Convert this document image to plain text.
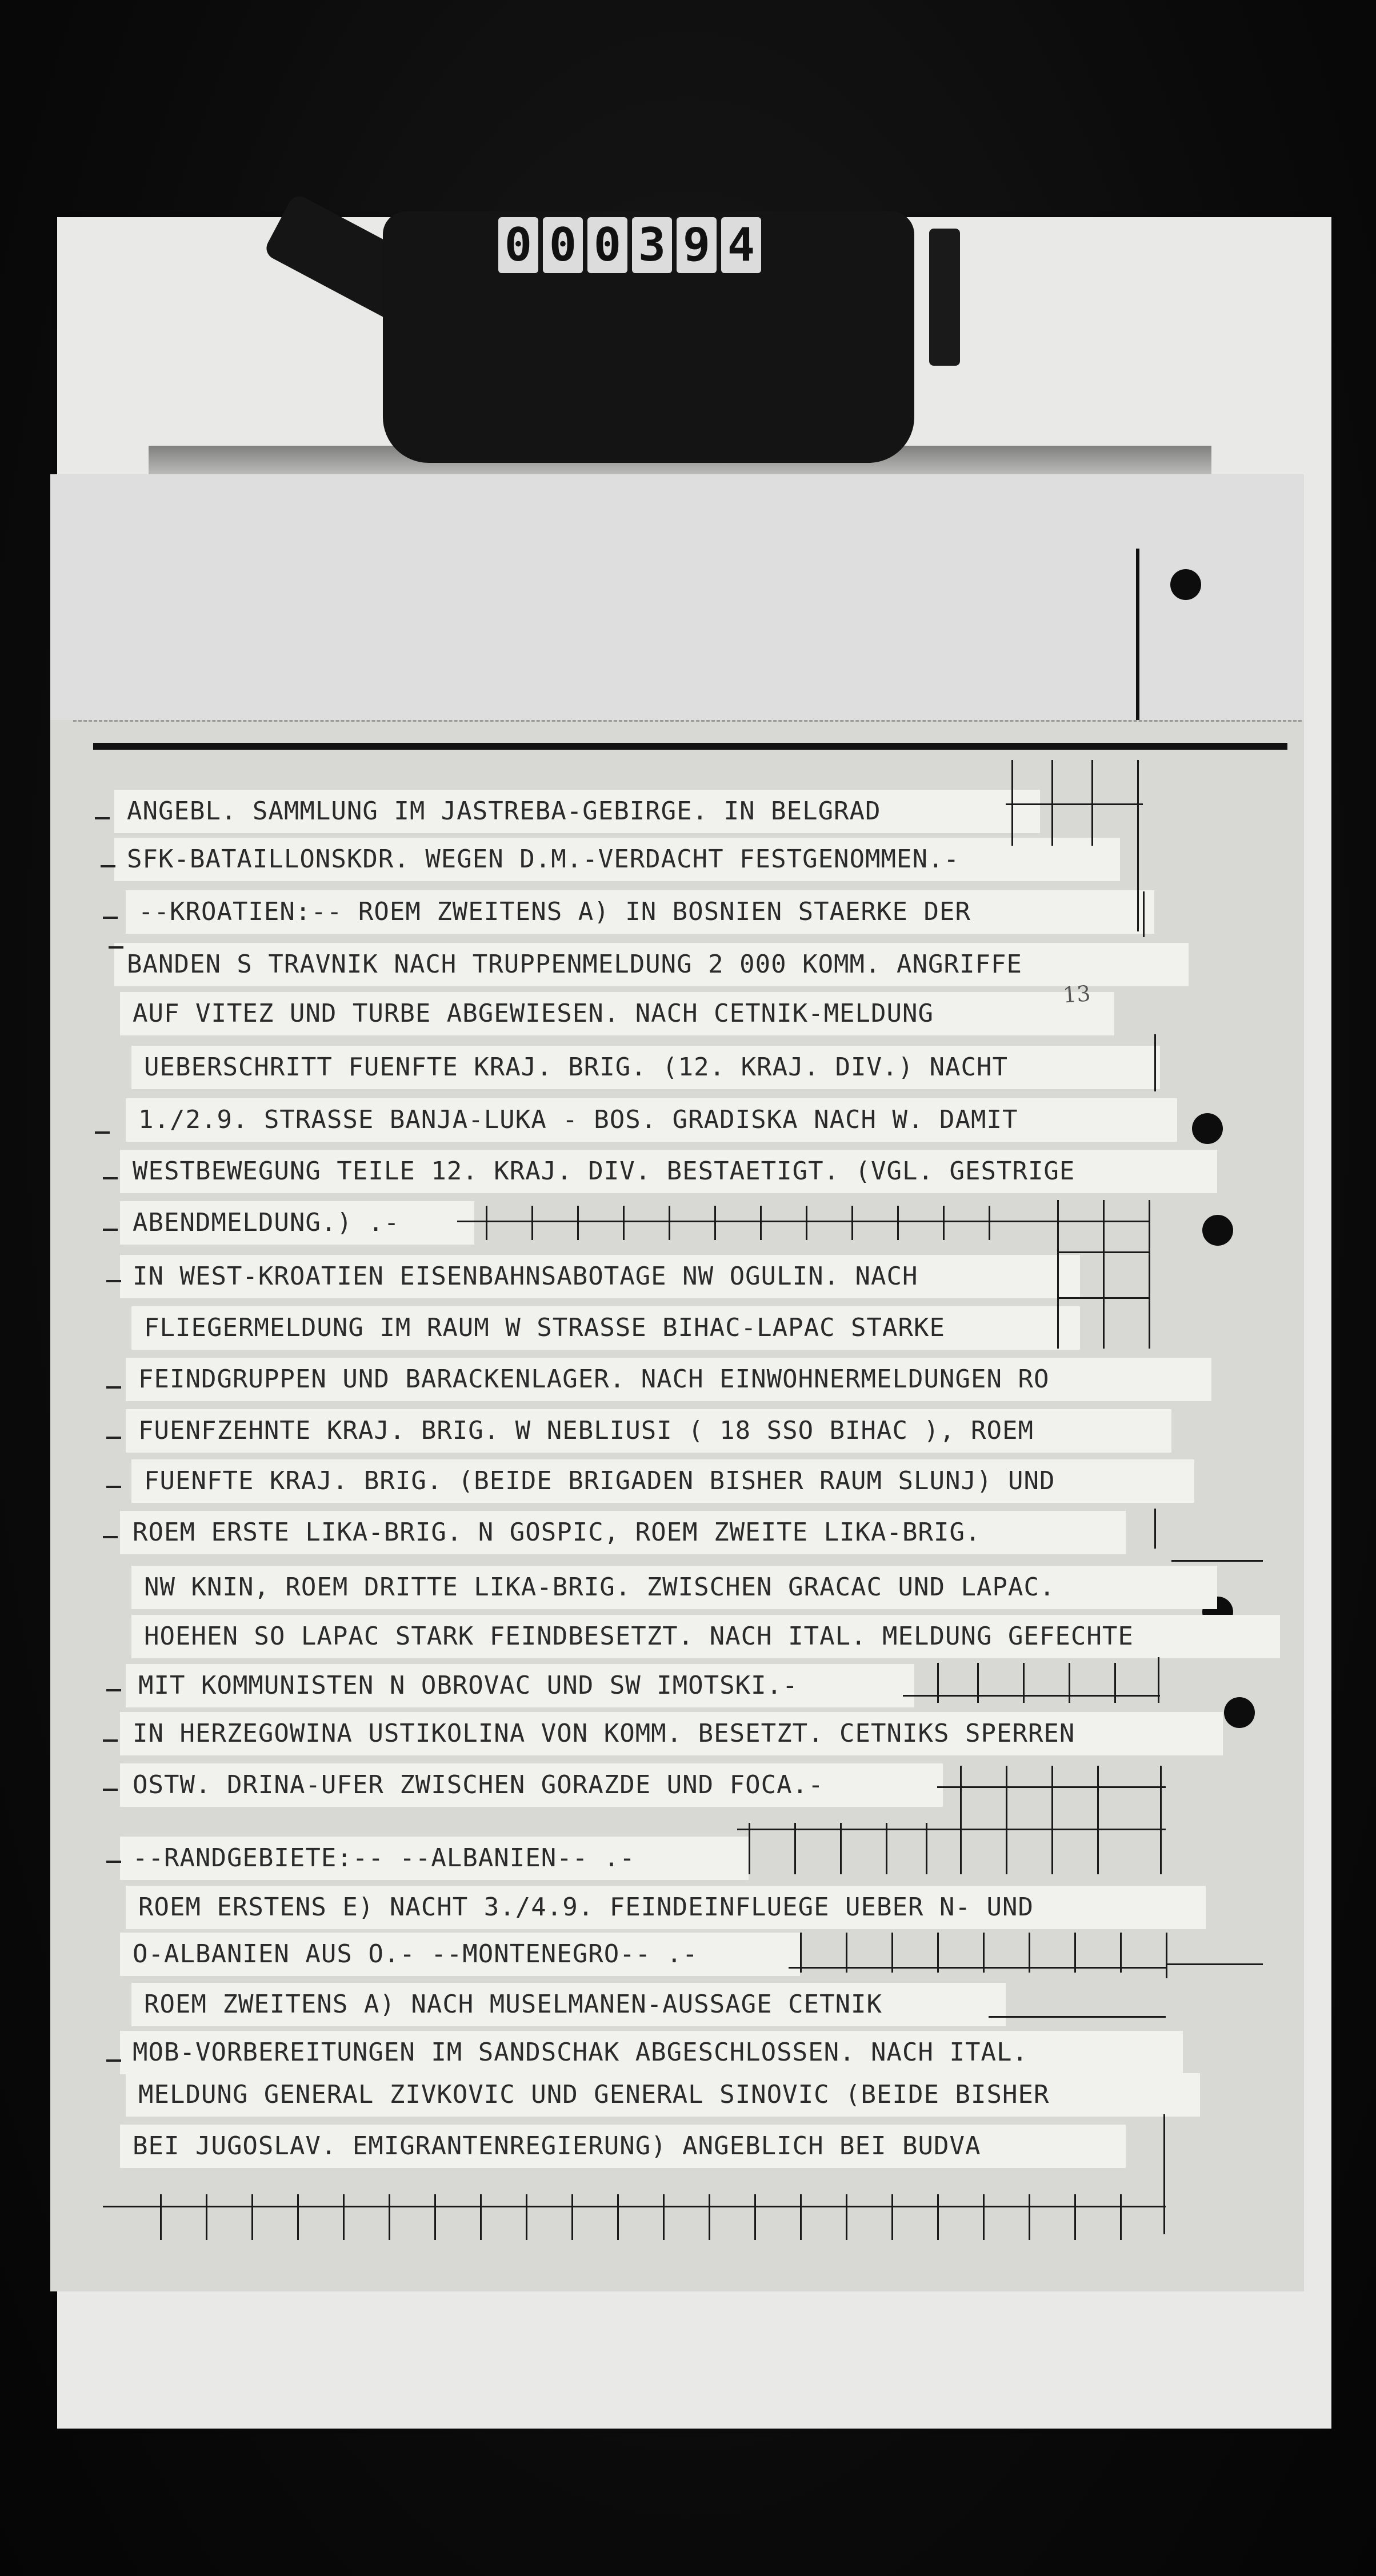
0 0 0 3 9 4
ANGEBL. SAMMLUNG IM JASTREBA-GEBIRGE. IN BELGRAD
SFK-BATAILLONSKDR. WEGEN D.M.-VERDACHT FESTGENOMMEN.-
--KROATIEN:-- ROEM ZWEITENS A) IN BOSNIEN STAERKE DER
BANDEN S TRAVNIK NACH TRUPPENMELDUNG 2 000 KOMM. ANGRIFFE
AUF VITEZ UND TURBE ABGEWIESEN. NACH CETNIK-MELDUNG
UEBERSCHRITT FUENFTE KRAJ. BRIG. (12. KRAJ. DIV.) NACHT
1./2.9. STRASSE BANJA-LUKA - BOS. GRADISKA NACH W. DAMIT
WESTBEWEGUNG TEILE 12. KRAJ. DIV. BESTAETIGT. (VGL. GESTRIGE
ABENDMELDUNG.) .-
IN WEST-KROATIEN EISENBAHNSABOTAGE NW OGULIN. NACH
FLIEGERMELDUNG IM RAUM W STRASSE BIHAC-LAPAC STARKE
FEINDGRUPPEN UND BARACKENLAGER. NACH EINWOHNERMELDUNGEN RO
FUENFZEHNTE KRAJ. BRIG. W NEBLIUSI ( 18 SSO BIHAC ), ROEM
FUENFTE KRAJ. BRIG. (BEIDE BRIGADEN BISHER RAUM SLUNJ) UND
ROEM ERSTE LIKA-BRIG. N GOSPIC, ROEM ZWEITE LIKA-BRIG.
NW KNIN, ROEM DRITTE LIKA-BRIG. ZWISCHEN GRACAC UND LAPAC.
HOEHEN SO LAPAC STARK FEINDBESETZT. NACH ITAL. MELDUNG GEFECHTE
MIT KOMMUNISTEN N OBROVAC UND SW IMOTSKI.-
IN HERZEGOWINA USTIKOLINA VON KOMM. BESETZT. CETNIKS SPERREN
OSTW. DRINA-UFER ZWISCHEN GORAZDE UND FOCA.-
--RANDGEBIETE:-- --ALBANIEN-- .-
ROEM ERSTENS E) NACHT 3./4.9. FEINDEINFLUEGE UEBER N- UND
O-ALBANIEN AUS O.- --MONTENEGRO-- .-
ROEM ZWEITENS A) NACH MUSELMANEN-AUSSAGE CETNIK
MOB-VORBEREITUNGEN IM SANDSCHAK ABGESCHLOSSEN. NACH ITAL.
MELDUNG GENERAL ZIVKOVIC UND GENERAL SINOVIC (BEIDE BISHER
BEI JUGOSLAV. EMIGRANTENREGIERUNG) ANGEBLICH BEI BUDVA
13
